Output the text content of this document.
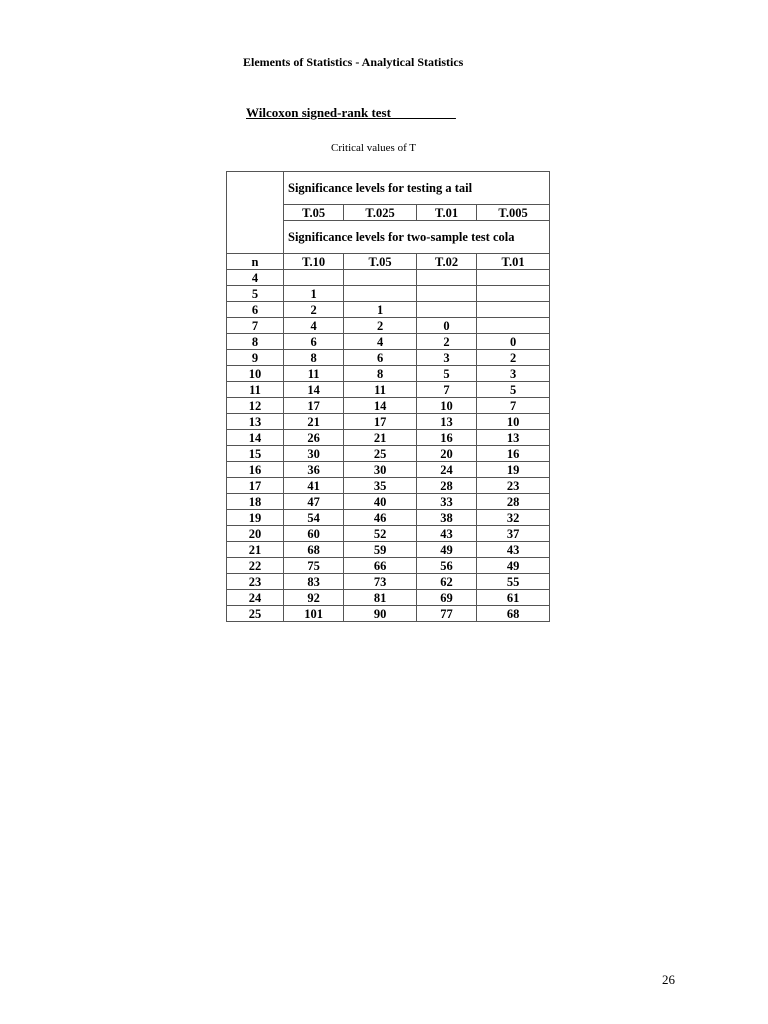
Elements of Statistics - Analytical Statistics
Wilcoxon signed-rank test
Critical values of T
	Significance levels for testing a tail			
	T.05	T.025	T.01	T.005
	Significance levels for two-sample test cola			
n	T.10	T.05	T.02	T.01
4				
5	1			
6	2	1		
7	4	2	0	
8	6	4	2	0
9	8	6	3	2
10	11	8	5	3
11	14	11	7	5
12	17	14	10	7
13	21	17	13	10
14	26	21	16	13
15	30	25	20	16
16	36	30	24	19
17	41	35	28	23
18	47	40	33	28
19	54	46	38	32
20	60	52	43	37
21	68	59	49	43
22	75	66	56	49
23	83	73	62	55
24	92	81	69	61
25	101	90	77	68
26
